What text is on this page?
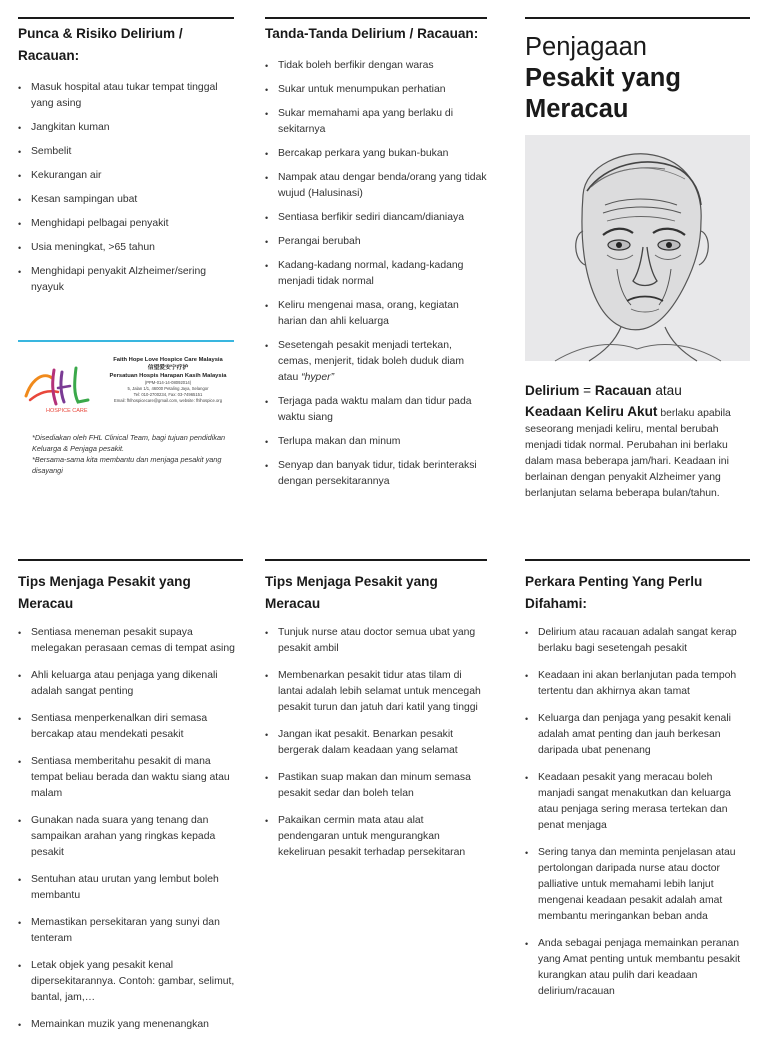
Punca & Risiko Delirium / Racauan:
• Masuk hospital atau tukar tempat tinggal yang asing
• Jangkitan kuman
• Sembelit
• Kekurangan air
• Kesan sampingan ubat
• Menghidapi pelbagai penyakit
• Usia meningkat, >65 tahun
• Menghidapi penyakit Alzheimer/sering nyayuk
HOSPICE CARE
Faith Hope Love Hospice Care Malaysia
信望爱安宁疗护
Persatuan Hospis Harapan Kasih Malaysia
(PPM-014-14-08092014)
5, Jalan 1/1, 46000 Petaling Jaya, Selangor
Tel: 010-2700234, Fax: 03-74965151
Email: fhlhospicecare@gmail.com, website: fhlhospice.org
*Disediakan oleh FHL Clinical Team, bagi tujuan pendidikan Keluarga & Penjaga pesakit.
*Bersama-sama kita membantu dan menjaga pesakit yang disayangi
Tanda-Tanda Delirium / Racauan:
• Tidak boleh berfikir dengan waras
• Sukar untuk menumpukan perhatian
• Sukar memahami apa yang berlaku di sekitarnya
• Bercakap perkara yang bukan-bukan
• Nampak atau dengar benda/orang yang tidak wujud (Halusinasi)
• Sentiasa berfikir sediri diancam/dianiaya
• Perangai berubah
• Kadang-kadang normal, kadang-kadang menjadi tidak normal
• Keliru mengenai masa, orang, kegiatan harian dan ahli keluarga
• Sesetengah pesakit menjadi tertekan, cemas, menjerit, tidak boleh duduk diam atau “hyper”
• Terjaga pada waktu malam dan tidur pada waktu siang
• Terlupa makan dan minum
• Senyap dan banyak tidur, tidak berinteraksi dengan persekitarannya
Penjagaan
Pesakit yang
Meracau
Delirium = Racauan atau
Keadaan Keliru Akut berlaku apabila seseorang menjadi keliru, mental berubah menjadi tidak normal. Perubahan ini berlaku dalam masa beberapa jam/hari. Keadaan ini berlainan dengan penyakit Alzheimer yang berlanjutan selama beberapa bulan/tahun.
Tips Menjaga Pesakit yang Meracau
• Sentiasa meneman pesakit supaya melegakan perasaan cemas di tempat asing
• Ahli keluarga atau penjaga yang dikenali adalah sangat penting
• Sentiasa menperkenalkan diri semasa bercakap atau mendekati pesakit
• Sentiasa memberitahu pesakit di mana tempat beliau berada dan waktu siang atau malam
• Gunakan nada suara yang tenang dan sampaikan arahan yang ringkas kepada pesakit
• Sentuhan atau urutan yang lembut boleh membantu
• Memastikan persekitaran yang sunyi dan tenteram
• Letak objek yang pesakit kenal dipersekitarannya. Contoh: gambar, selimut, bantal, jam,…
• Memainkan muzik yang menenangkan
Tips Menjaga Pesakit yang Meracau
• Tunjuk nurse atau doctor semua ubat yang pesakit ambil
• Membenarkan pesakit tidur atas tilam di lantai adalah lebih selamat untuk mencegah pesakit turun dan jatuh dari katil yang tinggi
• Jangan ikat pesakit. Benarkan pesakit bergerak dalam keadaan yang selamat
• Pastikan suap makan dan minum semasa pesakit sedar dan boleh telan
• Pakaikan cermin mata atau alat pendengaran untuk mengurangkan kekeliruan pesakit terhadap persekitaran
Perkara Penting Yang Perlu Difahami:
• Delirium atau racauan adalah sangat kerap berlaku bagi sesetengah pesakit
• Keadaan ini akan berlanjutan pada tempoh tertentu dan akhirnya akan tamat
• Keluarga dan penjaga yang pesakit kenali adalah amat penting dan jauh berkesan daripada ubat penenang
• Keadaan pesakit yang meracau boleh manjadi sangat menakutkan dan keluarga atau penjaga sering merasa tertekan dan penat menjaga
• Sering tanya dan meminta penjelasan atau pertolongan daripada nurse atau doctor palliative untuk memahami lebih lanjut mengenai keadaan pesakit adalah amat membantu meringankan beban anda
• Anda sebagai penjaga memainkan peranan yang Amat penting untuk membantu pesakit kurangkan atau pulih dari keadaan delirium/racauan
